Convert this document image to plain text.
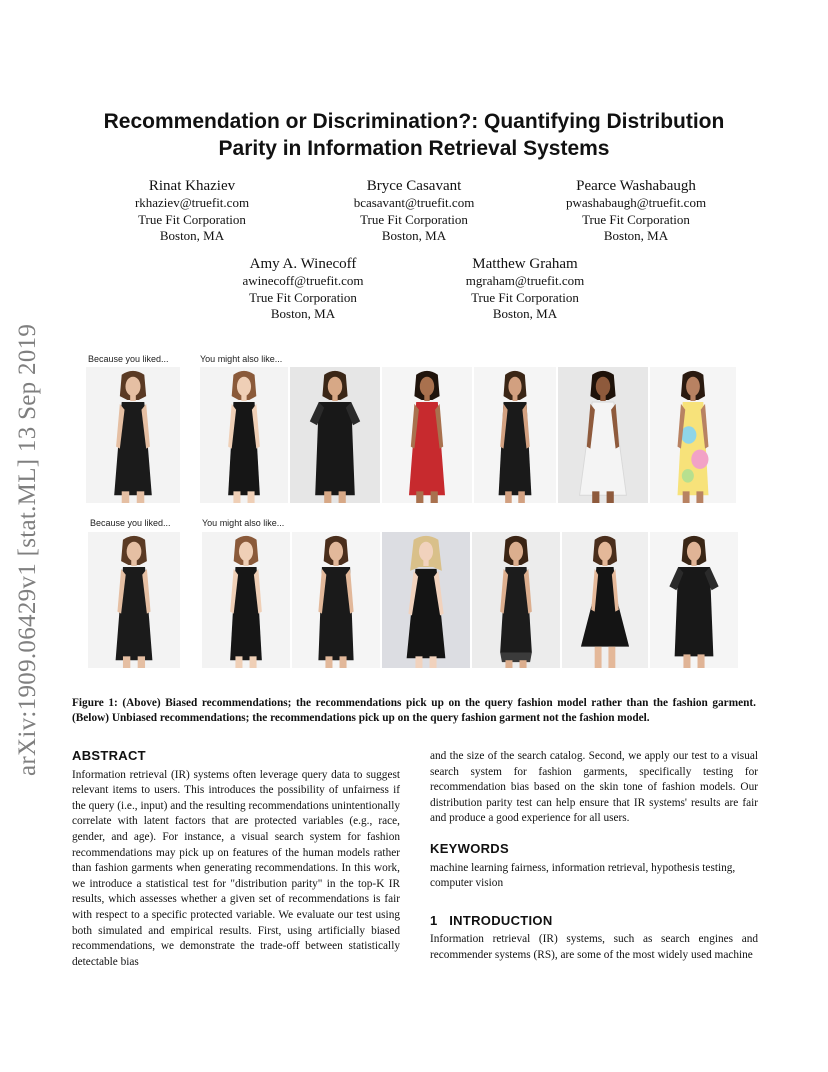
arXiv:1909.06429v1 [stat.ML] 13 Sep 2019
Recommendation or Discrimination?: Quantifying Distribution
Parity in Information Retrieval Systems
Rinat Khaziev
rkhaziev@truefit.com
True Fit Corporation
Boston, MA
Bryce Casavant
bcasavant@truefit.com
True Fit Corporation
Boston, MA
Pearce Washabaugh
pwashabaugh@truefit.com
True Fit Corporation
Boston, MA
Amy A. Winecoff
awinecoff@truefit.com
True Fit Corporation
Boston, MA
Matthew Graham
mgraham@truefit.com
True Fit Corporation
Boston, MA
Because you liked...	You might also like...
Because you liked...	You might also like...
Figure 1: (Above) Biased recommendations; the recommendations pick up on the query fashion model rather than the fashion garment. (Below) Unbiased recommendations; the recommendations pick up on the query fashion garment not the fashion model.
ABSTRACT
Information retrieval (IR) systems often leverage query data to suggest relevant items to users. This introduces the possibility of unfairness if the query (i.e., input) and the resulting recommendations unintentionally correlate with latent factors that are protected variables (e.g., race, gender, and age). For instance, a visual search system for fashion recommendations may pick up on features of the human models rather than fashion garments when generating recommendations. In this work, we introduce a statistical test for "distribution parity" in the top-K IR results, which assesses whether a given set of recommendations is fair with respect to a specific protected variable. We evaluate our test using both simulated and empirical results. First, using artificially biased recommendations, we demonstrate the trade-off between statistically detectable bias
and the size of the search catalog. Second, we apply our test to a visual search system for fashion garments, specifically testing for recommendation bias based on the skin tone of fashion models. Our distribution parity test can help ensure that IR systems' results are fair and produce a good experience for all users.
KEYWORDS
machine learning fairness, information retrieval, hypothesis testing, computer vision
1   INTRODUCTION
Information retrieval (IR) systems, such as search engines and recommender systems (RS), are some of the most widely used machine
